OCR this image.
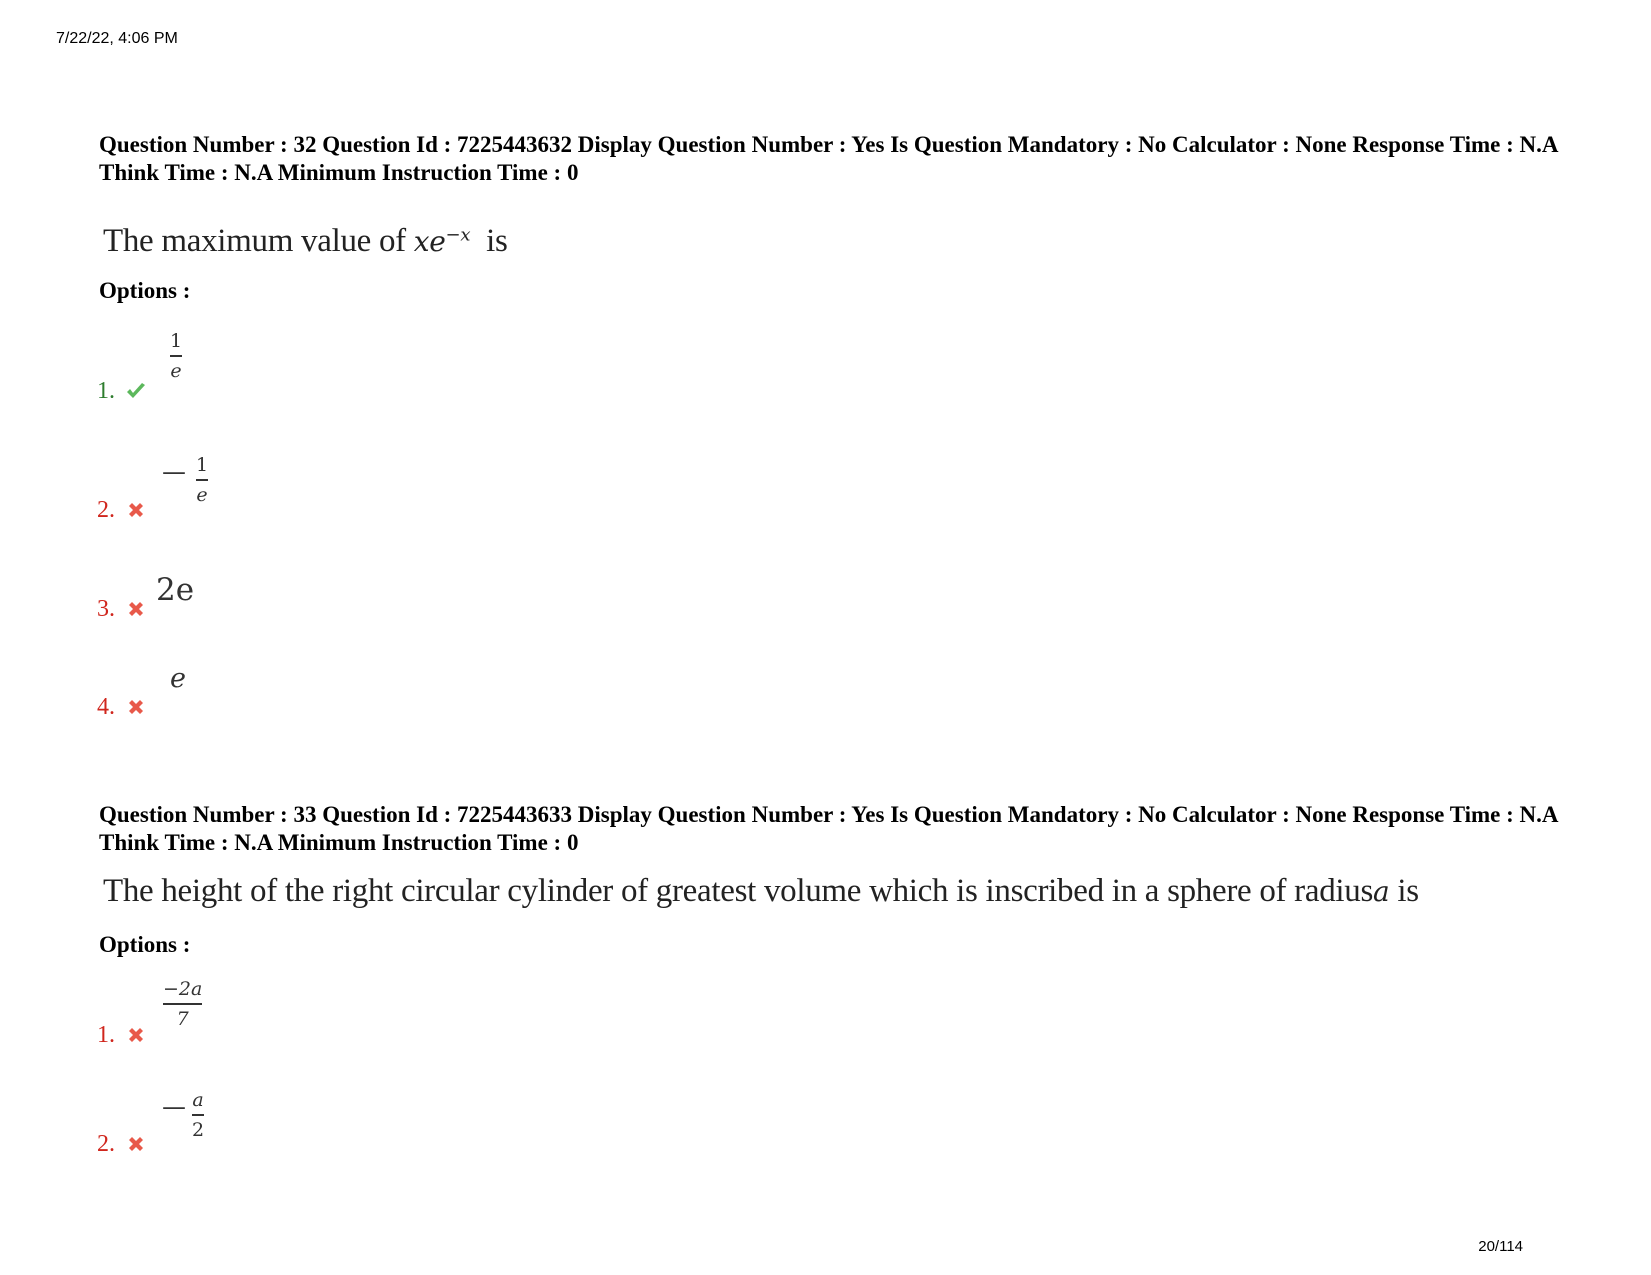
7/22/22, 4:06 PM

Question Number : 32 Question Id : 7225443632 Display Question Number : Yes Is Question Mandatory : No Calculator : None Response Time : N.A Think Time : N.A Minimum Instruction Time : 0

The maximum value of $xe^{-x}$ is
Options :
1.
1
e
2.
— 1
e
3.
2e
4.
e

Question Number : 33 Question Id : 7225443633 Display Question Number : Yes Is Question Mandatory : No Calculator : None Response Time : N.A Think Time : N.A Minimum Instruction Time : 0

The height of the right circular cylinder of greatest volume which is inscribed in a sphere of radiusa is
Options :
1.
−2a
7
2.
— a
2
20/114
